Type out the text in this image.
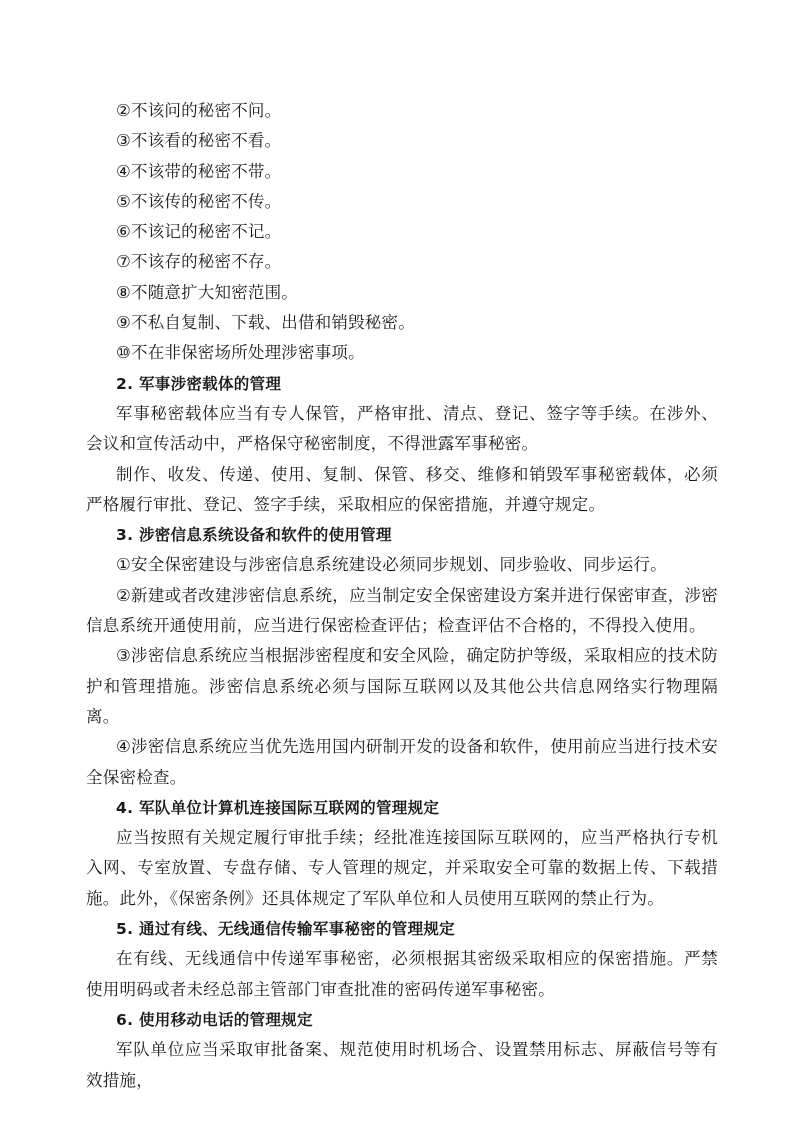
②不该问的秘密不问。

③不该看的秘密不看。

④不该带的秘密不带。

⑤不该传的秘密不传。

⑥不该记的秘密不记。

⑦不该存的秘密不存。

⑧不随意扩大知密范围。

⑨不私自复制、下载、出借和销毁秘密。

⑩不在非保密场所处理涉密事项。

2. 军事涉密载体的管理

军事秘密载体应当有专人保管，严格审批、清点、登记、签字等手续。在涉外、会议和宣传活动中，严格保守秘密制度，不得泄露军事秘密。

制作、收发、传递、使用、复制、保管、移交、维修和销毁军事秘密载体，必须严格履行审批、登记、签字手续，采取相应的保密措施，并遵守规定。

3. 涉密信息系统设备和软件的使用管理

①安全保密建设与涉密信息系统建设必须同步规划、同步验收、同步运行。

②新建或者改建涉密信息系统，应当制定安全保密建设方案并进行保密审查，涉密信息系统开通使用前，应当进行保密检查评估；检查评估不合格的，不得投入使用。

③涉密信息系统应当根据涉密程度和安全风险，确定防护等级，采取相应的技术防护和管理措施。涉密信息系统必须与国际互联网以及其他公共信息网络实行物理隔离。

④涉密信息系统应当优先选用国内研制开发的设备和软件，使用前应当进行技术安全保密检查。

4. 军队单位计算机连接国际互联网的管理规定

应当按照有关规定履行审批手续；经批准连接国际互联网的，应当严格执行专机入网、专室放置、专盘存储、专人管理的规定，并采取安全可靠的数据上传、下载措施。此外，《保密条例》还具体规定了军队单位和人员使用互联网的禁止行为。

5. 通过有线、无线通信传输军事秘密的管理规定

在有线、无线通信中传递军事秘密，必须根据其密级采取相应的保密措施。严禁使用明码或者未经总部主管部门审查批准的密码传递军事秘密。

6. 使用移动电话的管理规定

军队单位应当采取审批备案、规范使用时机场合、设置禁用标志、屏蔽信号等有效措施，
